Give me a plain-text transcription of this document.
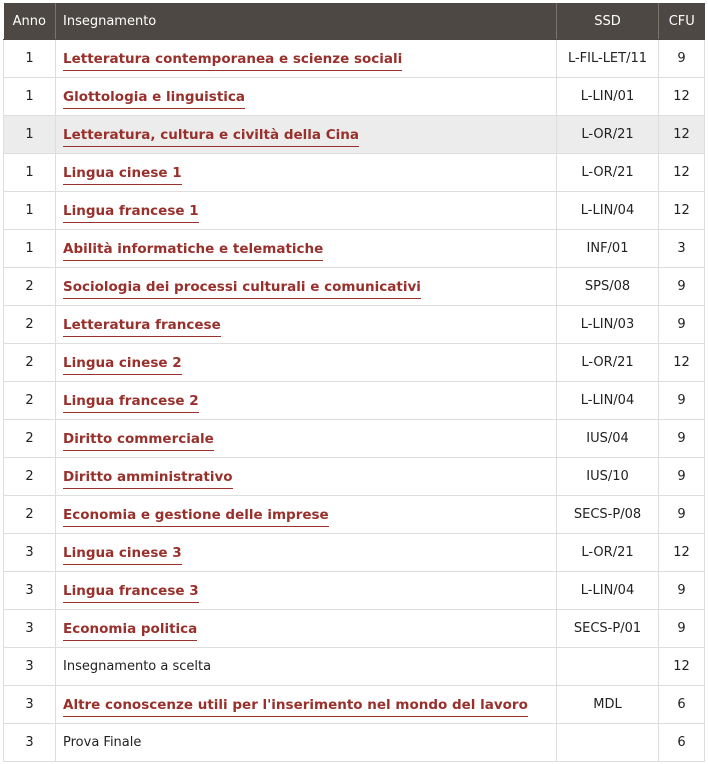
Anno	Insegnamento	SSD	CFU
1	Letteratura contemporanea e scienze sociali	L-FIL-LET/11	9
1	Glottologia e linguistica	L-LIN/01	12
1	Letteratura, cultura e civiltà della Cina	L-OR/21	12
1	Lingua cinese 1	L-OR/21	12
1	Lingua francese 1	L-LIN/04	12
1	Abilità informatiche e telematiche	INF/01	3
2	Sociologia dei processi culturali e comunicativi	SPS/08	9
2	Letteratura francese	L-LIN/03	9
2	Lingua cinese 2	L-OR/21	12
2	Lingua francese 2	L-LIN/04	9
2	Diritto commerciale	IUS/04	9
2	Diritto amministrativo	IUS/10	9
2	Economia e gestione delle imprese	SECS-P/08	9
3	Lingua cinese 3	L-OR/21	12
3	Lingua francese 3	L-LIN/04	9
3	Economia politica	SECS-P/01	9
3	Insegnamento a scelta		12
3	Altre conoscenze utili per l'inserimento nel mondo del lavoro	MDL	6
3	Prova Finale		6
